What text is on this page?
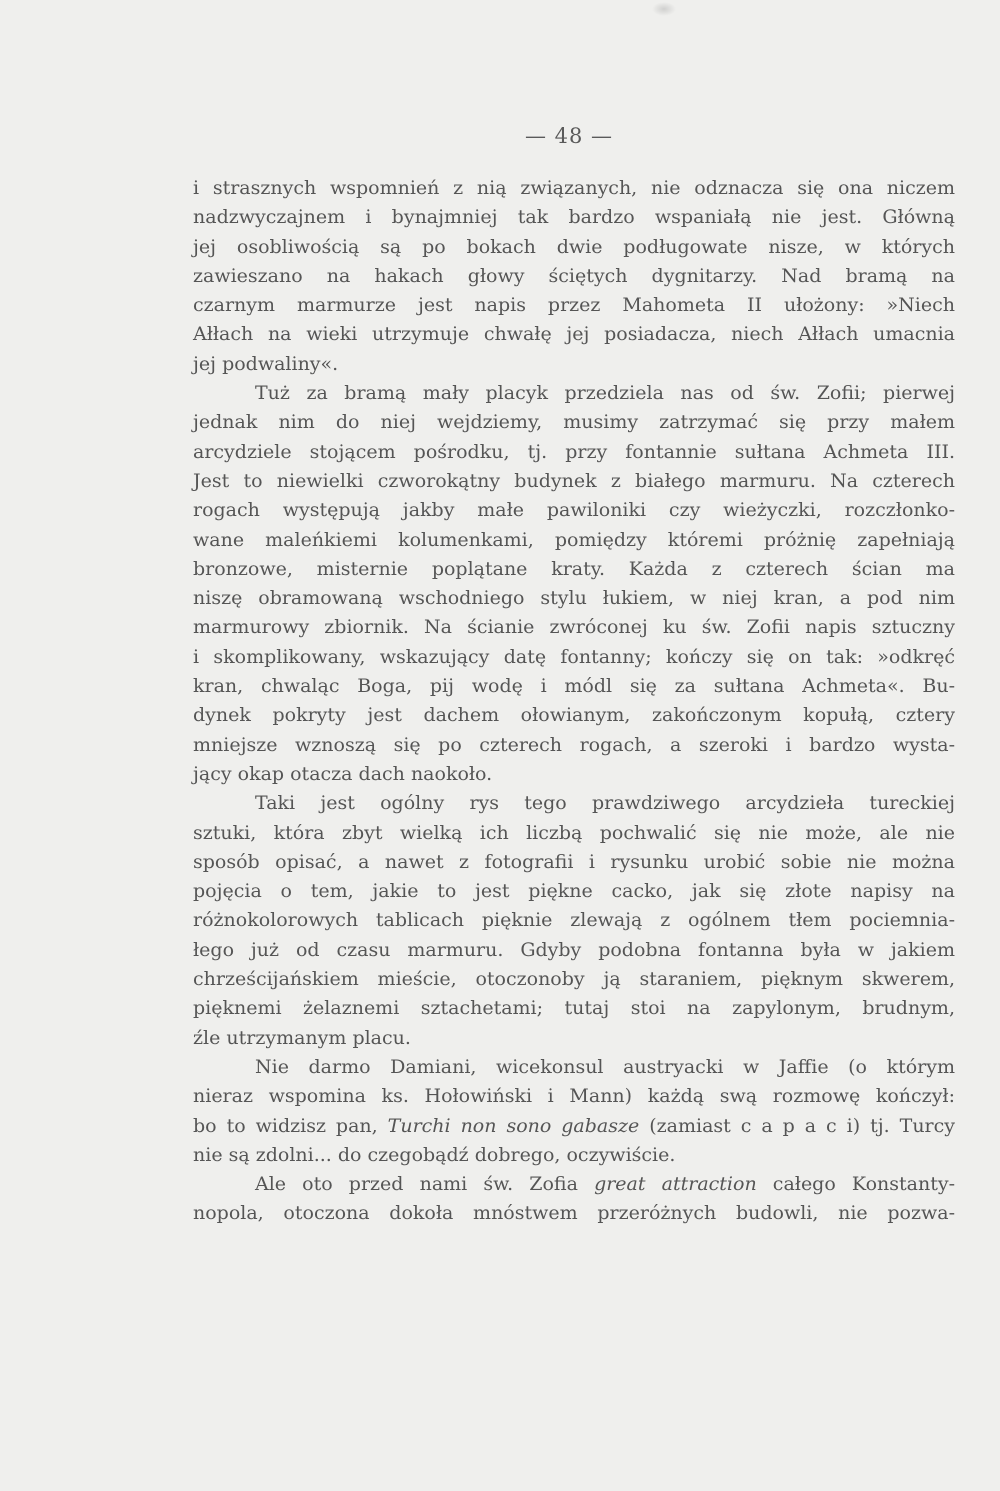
— 48 —

i strasznych wspomnień z nią związanych, nie odznacza się ona niczem
nadzwyczajnem i bynajmniej tak bardzo wspaniałą nie jest. Główną
jej osobliwością są po bokach dwie podługowate nisze, w których
zawieszano na hakach głowy ściętych dygnitarzy. Nad bramą na
czarnym marmurze jest napis przez Mahometa II ułożony: »Niech
Ałłach na wieki utrzymuje chwałę jej posiadacza, niech Ałłach umacnia
jej podwaliny«.
Tuż za bramą mały placyk przedziela nas od św. Zofii; pierwej
jednak nim do niej wejdziemy, musimy zatrzymać się przy małem
arcydziele stojącem pośrodku, tj. przy fontannie sułtana Achmeta III.
Jest to niewielki czworokątny budynek z białego marmuru. Na czterech
rogach występują jakby małe pawiloniki czy wieżyczki, rozczłonko-
wane maleńkiemi kolumenkami, pomiędzy któremi próżnię zapełniają
bronzowe, misternie poplątane kraty. Każda z czterech ścian ma
niszę obramowaną wschodniego stylu łukiem, w niej kran, a pod nim
marmurowy zbiornik. Na ścianie zwróconej ku św. Zofii napis sztuczny
i skomplikowany, wskazujący datę fontanny; kończy się on tak: »odkręć
kran, chwaląc Boga, pij wodę i módl się za sułtana Achmeta«. Bu-
dynek pokryty jest dachem ołowianym, zakończonym kopułą, cztery
mniejsze wznoszą się po czterech rogach, a szeroki i bardzo wysta-
jący okap otacza dach naokoło.
Taki jest ogólny rys tego prawdziwego arcydzieła tureckiej
sztuki, która zbyt wielką ich liczbą pochwalić się nie może, ale nie
sposób opisać, a nawet z fotografii i rysunku urobić sobie nie można
pojęcia o tem, jakie to jest piękne cacko, jak się złote napisy na
różnokolorowych tablicach pięknie zlewają z ogólnem tłem pociemnia-
łego już od czasu marmuru. Gdyby podobna fontanna była w jakiem
chrześcijańskiem mieście, otoczonoby ją staraniem, pięknym skwerem,
pięknemi żelaznemi sztachetami; tutaj stoi na zapylonym, brudnym,
źle utrzymanym placu.
Nie darmo Damiani, wicekonsul austryacki w Jaffie (o którym
nieraz wspomina ks. Hołowiński i Mann) każdą swą rozmowę kończył:
bo to widzisz pan, Turchi non sono gabasze (zamiast c a p a c i) tj. Turcy
nie są zdolni... do czegobądź dobrego, oczywiście.
Ale oto przed nami św. Zofia great attraction całego Konstanty-
nopola, otoczona dokoła mnóstwem przeróżnych budowli, nie pozwa-
